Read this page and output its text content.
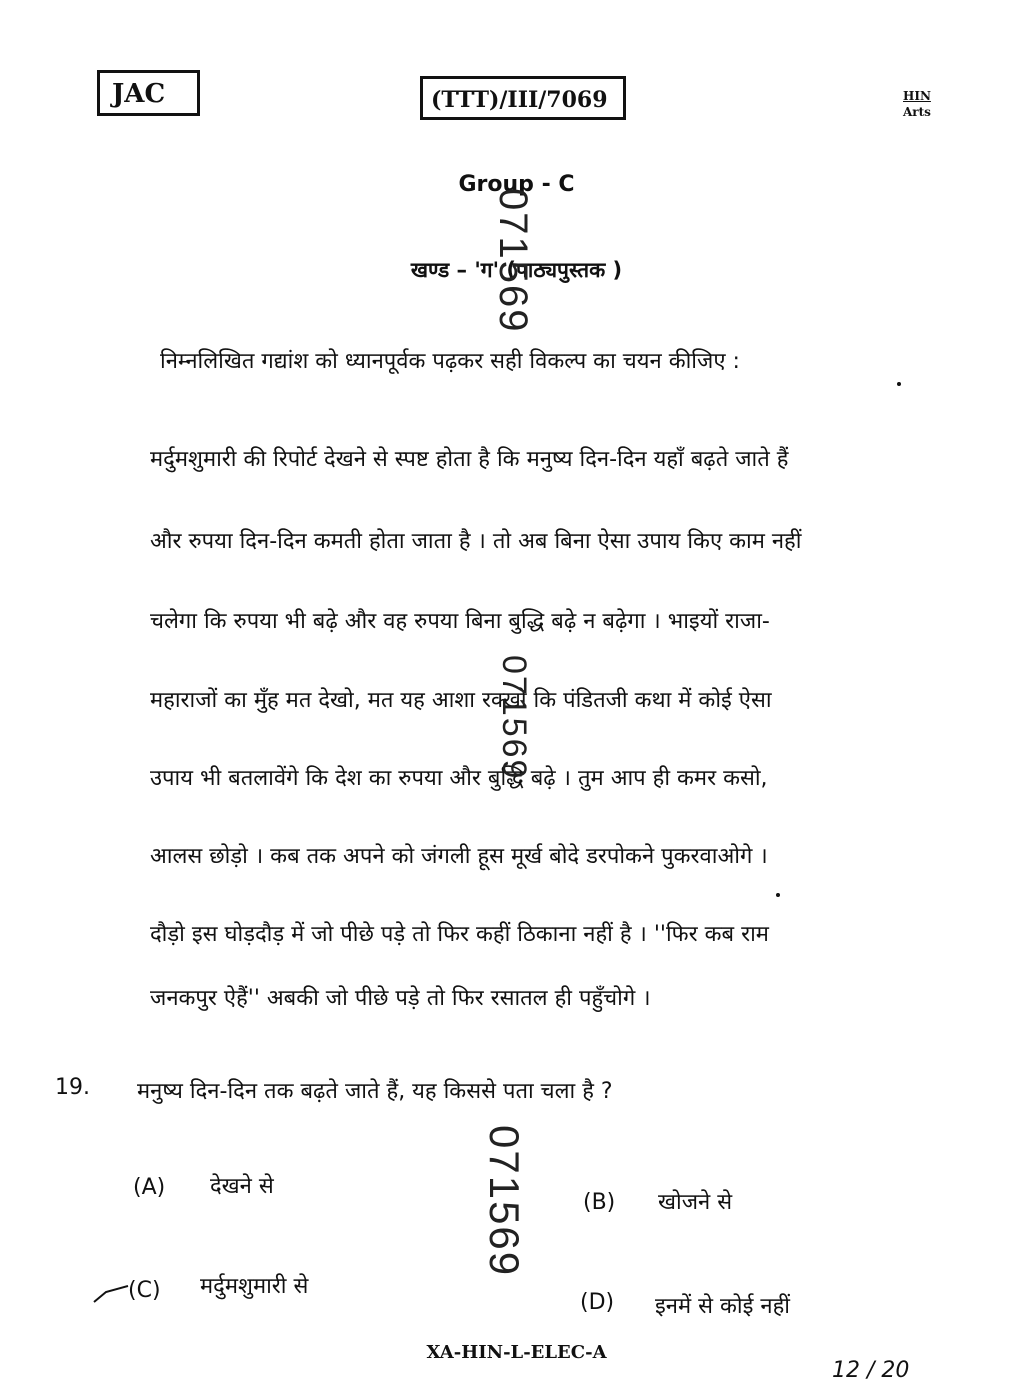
JAC	(TTT)/III/7069	HIN
Arts
Group - C
खण्ड – 'ग' (पाठ्यपुस्तक )
निम्नलिखित गद्यांश को ध्यानपूर्वक पढ़कर सही विकल्प का चयन कीजिए :
मर्दुमशुमारी की रिपोर्ट देखने से स्पष्ट होता है कि मनुष्य दिन-दिन यहाँ बढ़ते जाते हैं
और रुपया दिन-दिन कमती होता जाता है । तो अब बिना ऐसा उपाय किए काम नहीं
चलेगा कि रुपया भी बढ़े और वह रुपया बिना बुद्धि बढ़े न बढ़ेगा । भाइयों राजा-
महाराजों का मुँह मत देखो, मत यह आशा रक्खो कि पंडितजी कथा में कोई ऐसा
उपाय भी बतलावेंगे कि देश का रुपया और बुद्धि बढ़े । तुम आप ही कमर कसो,
आलस छोड़ो । कब तक अपने को जंगली हूस मूर्ख बोदे डरपोकने पुकरवाओगे ।
दौड़ो इस घोड़दौड़ में जो पीछे पड़े तो फिर कहीं ठिकाना नहीं है । ''फिर कब राम
जनकपुर ऐहैं'' अबकी जो पीछे पड़े तो फिर रसातल ही पहुँचोगे ।
19. मनुष्य दिन-दिन तक बढ़ते जाते हैं, यह किससे पता चला है ?
(A) देखने से
(B) खोजने से
(C) मर्दुमशुमारी से
(D) इनमें से कोई नहीं
071569
071569
071569
XA-HIN-L-ELEC-A
12 / 20
